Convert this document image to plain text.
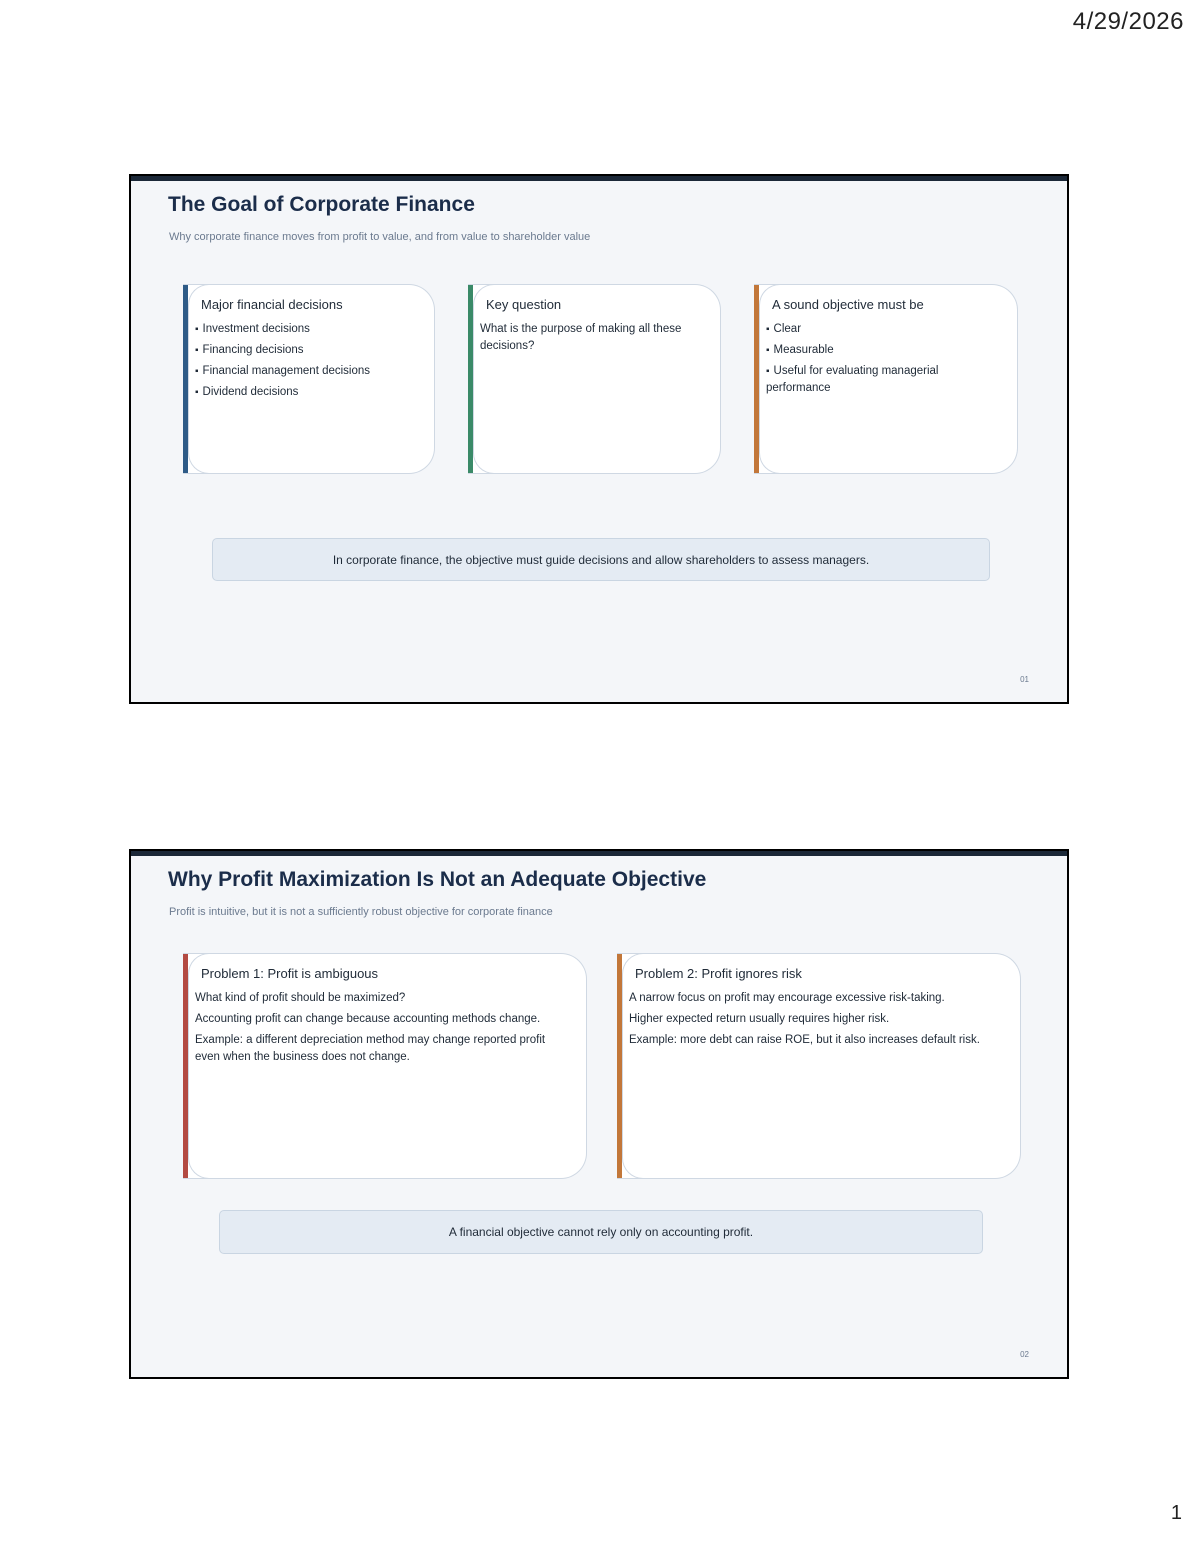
4/29/2026
The Goal of Corporate Finance

Why corporate finance moves from profit to value, and from value to shareholder value

Major financial decisions
▪ Investment decisions
▪ Financing decisions
▪ Financial management decisions
▪ Dividend decisions
Key question

What is the purpose of making all these decisions?

A sound objective must be
▪ Clear
▪ Measurable
▪ Useful for evaluating managerial performance
In corporate finance, the objective must guide decisions and allow shareholders to assess managers.
01
Why Profit Maximization Is Not an Adequate Objective

Profit is intuitive, but it is not a sufficiently robust objective for corporate finance

Problem 1: Profit is ambiguous

What kind of profit should be maximized?

Accounting profit can change because accounting methods change.

Example: a different depreciation method may change reported profit even when the business does not change.

Problem 2: Profit ignores risk

A narrow focus on profit may encourage excessive risk-taking.

Higher expected return usually requires higher risk.

Example: more debt can raise ROE, but it also increases default risk.

A financial objective cannot rely only on accounting profit.
02
1
